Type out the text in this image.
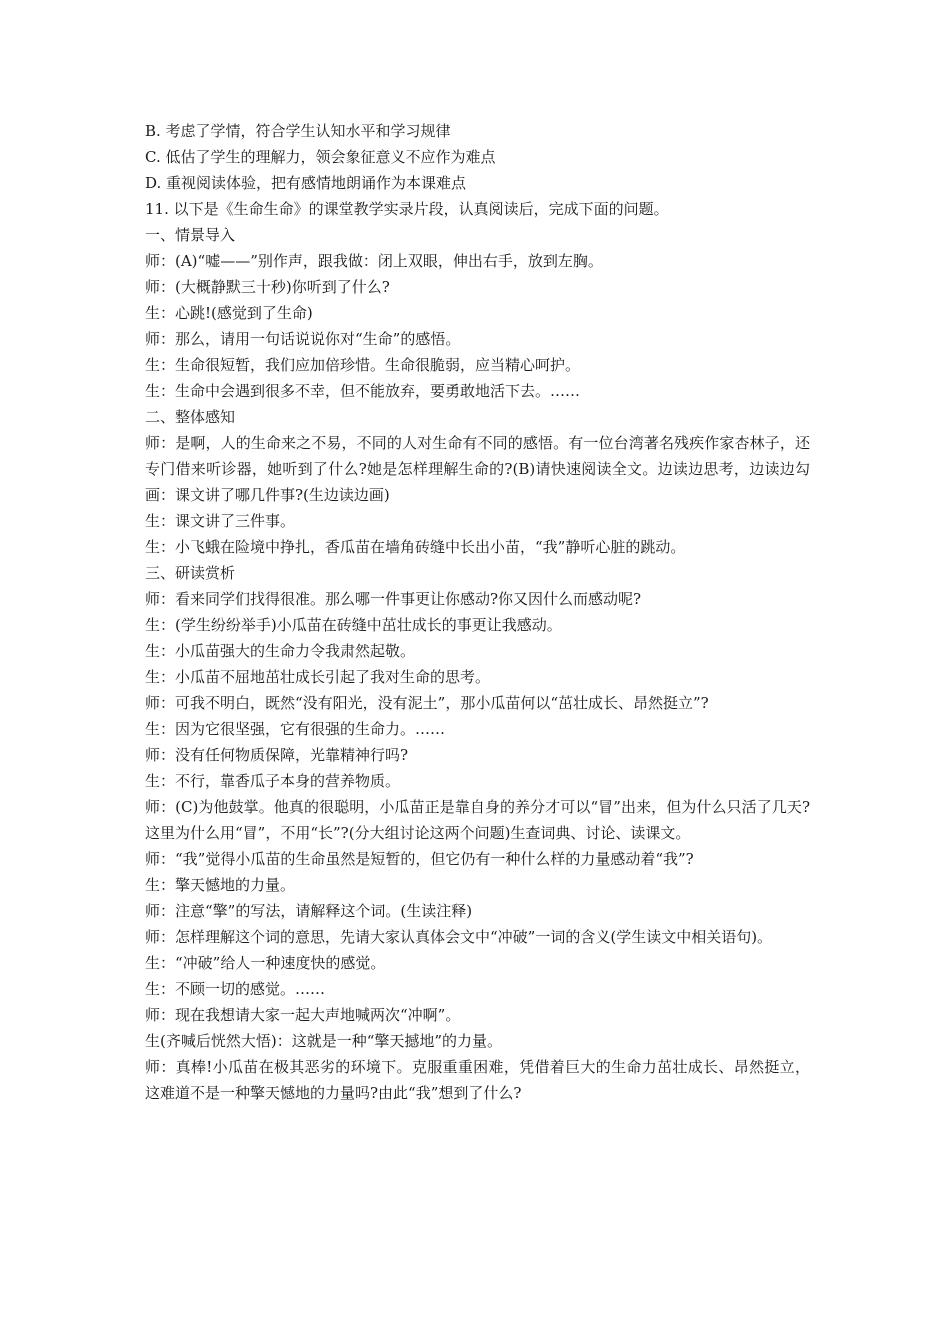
B. 考虑了学情，符合学生认知水平和学习规律
C. 低估了学生的理解力，领会象征意义不应作为难点
D. 重视阅读体验，把有感情地朗诵作为本课难点
11. 以下是《生命生命》的课堂教学实录片段，认真阅读后，完成下面的问题。
一、情景导入
师：(A)“嘘——”别作声，跟我做：闭上双眼，伸出右手，放到左胸。
师：(大概静默三十秒)你听到了什么?
生：心跳!(感觉到了生命)
师：那么，请用一句话说说你对“生命”的感悟。
生：生命很短暂，我们应加倍珍惜。生命很脆弱，应当精心呵护。
生：生命中会遇到很多不幸，但不能放弃，要勇敢地活下去。……
二、整体感知
师：是啊，人的生命来之不易，不同的人对生命有不同的感悟。有一位台湾著名残疾作家杏林子，还专门借来听诊器，她听到了什么?她是怎样理解生命的?(B)请快速阅读全文。边读边思考，边读边勾画：课文讲了哪几件事?(生边读边画)
生：课文讲了三件事。
生：小飞蛾在险境中挣扎，香瓜苗在墙角砖缝中长出小苗，“我”静听心脏的跳动。
三、研读赏析
师：看来同学们找得很准。那么哪一件事更让你感动?你又因什么而感动呢?
生：(学生纷纷举手)小瓜苗在砖缝中茁壮成长的事更让我感动。
生：小瓜苗强大的生命力令我肃然起敬。
生：小瓜苗不屈地茁壮成长引起了我对生命的思考。
师：可我不明白，既然“没有阳光，没有泥土”，那小瓜苗何以“茁壮成长、昂然挺立”?
生：因为它很坚强，它有很强的生命力。……
师：没有任何物质保障，光靠精神行吗?
生：不行，靠香瓜子本身的营养物质。
师：(C)为他鼓掌。他真的很聪明，小瓜苗正是靠自身的养分才可以“冒”出来，但为什么只活了几天?这里为什么用“冒”，不用“长”?(分大组讨论这两个问题)生查词典、讨论、读课文。
师：“我”觉得小瓜苗的生命虽然是短暂的，但它仍有一种什么样的力量感动着“我”?
生：擎天憾地的力量。
师：注意“擎”的写法，请解释这个词。(生读注释)
师：怎样理解这个词的意思，先请大家认真体会文中“冲破”一词的含义(学生读文中相关语句)。
生：“冲破”给人一种速度快的感觉。
生：不顾一切的感觉。……
师：现在我想请大家一起大声地喊两次“冲啊”。
生(齐喊后恍然大悟)：这就是一种“擎天撼地”的力量。
师：真棒!小瓜苗在极其恶劣的环境下。克服重重困难，凭借着巨大的生命力茁壮成长、昂然挺立，这难道不是一种擎天憾地的力量吗?由此“我”想到了什么?
